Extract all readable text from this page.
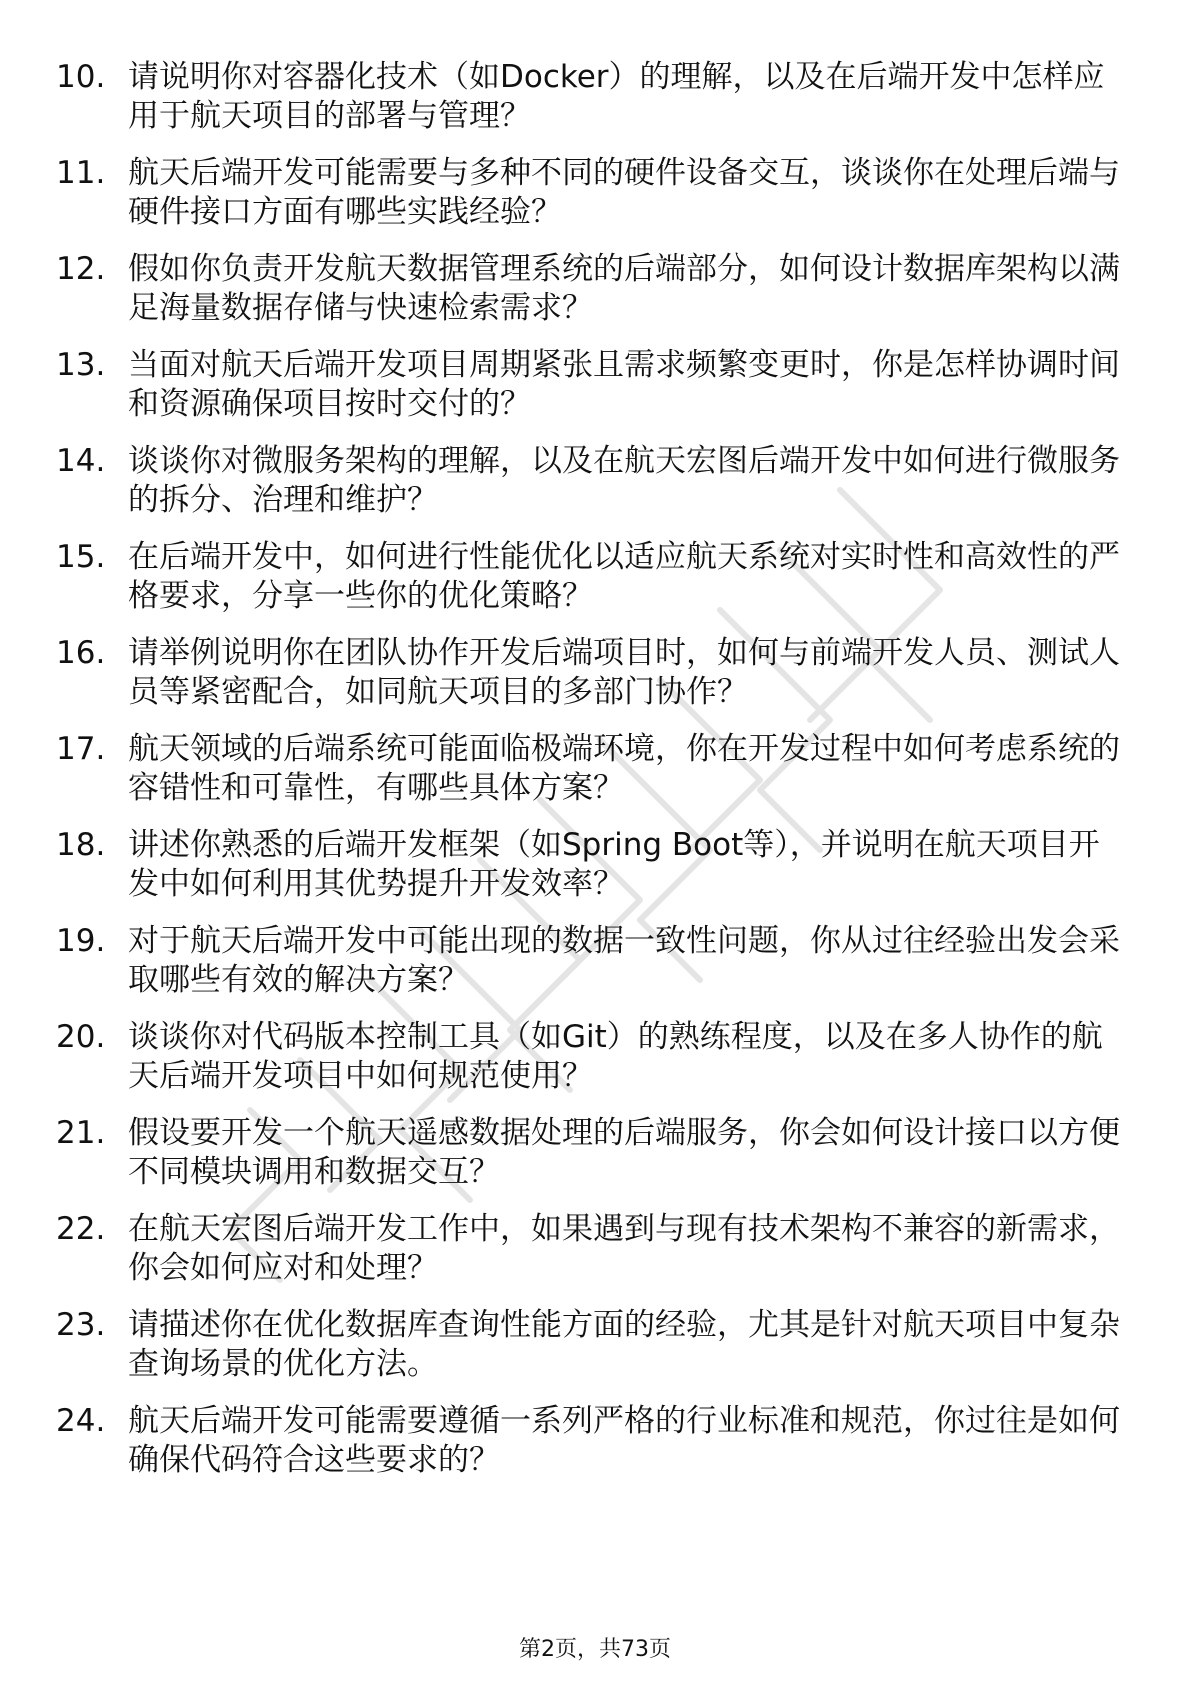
10. 请说明你对容器化技术（如Docker）的理解，以及在后端开发中怎样应用于航天项目的部署与管理？
11. 航天后端开发可能需要与多种不同的硬件设备交互，谈谈你在处理后端与硬件接口方面有哪些实践经验？
12. 假如你负责开发航天数据管理系统的后端部分，如何设计数据库架构以满足海量数据存储与快速检索需求？
13. 当面对航天后端开发项目周期紧张且需求频繁变更时，你是怎样协调时间和资源确保项目按时交付的？
14. 谈谈你对微服务架构的理解，以及在航天宏图后端开发中如何进行微服务的拆分、治理和维护？
15. 在后端开发中，如何进行性能优化以适应航天系统对实时性和高效性的严格要求，分享一些你的优化策略？
16. 请举例说明你在团队协作开发后端项目时，如何与前端开发人员、测试人员等紧密配合，如同航天项目的多部门协作？
17. 航天领域的后端系统可能面临极端环境，你在开发过程中如何考虑系统的容错性和可靠性，有哪些具体方案？
18. 讲述你熟悉的后端开发框架（如Spring Boot等），并说明在航天项目开发中如何利用其优势提升开发效率？
19. 对于航天后端开发中可能出现的数据一致性问题，你从过往经验出发会采取哪些有效的解决方案？
20. 谈谈你对代码版本控制工具（如Git）的熟练程度，以及在多人协作的航天后端开发项目中如何规范使用？
21. 假设要开发一个航天遥感数据处理的后端服务，你会如何设计接口以方便不同模块调用和数据交互？
22. 在航天宏图后端开发工作中，如果遇到与现有技术架构不兼容的新需求，你会如何应对和处理？
23. 请描述你在优化数据库查询性能方面的经验，尤其是针对航天项目中复杂查询场景的优化方法。
24. 航天后端开发可能需要遵循一系列严格的行业标准和规范，你过往是如何确保代码符合这些要求的？
第2页，共73页
